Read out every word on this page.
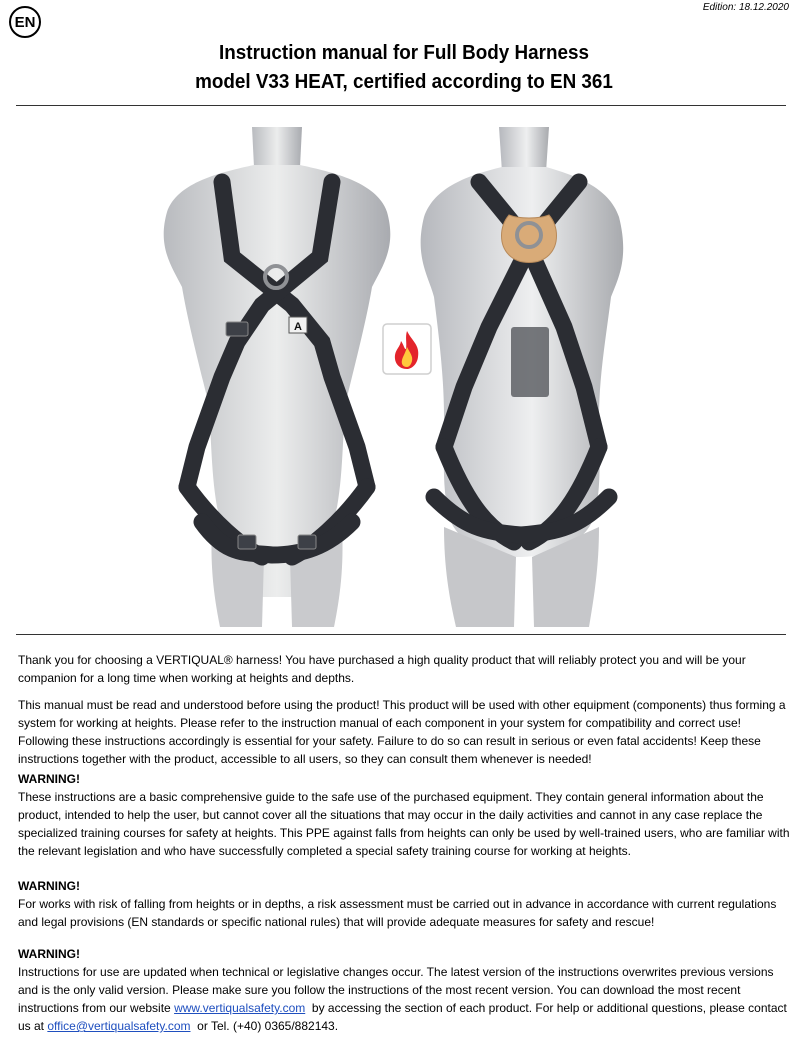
EN
Edition: 18.12.2020
Instruction manual for Full Body Harness
model V33 HEAT, certified according to EN 361
A

Thank you for choosing a VERTIQUAL® harness! You have purchased a high quality product that will reliably protect you and will be your companion for a long time when working at heights and depths.

This manual must be read and understood before using the product! This product will be used with other equipment (components) thus forming a system for working at heights. Please refer to the instruction manual of each component in your system for compatibility and correct use! Following these instructions accordingly is essential for your safety. Failure to do so can result in serious or even fatal accidents! Keep these instructions together with the product, accessible to all users, so they can consult them whenever is needed!

WARNING!

These instructions are a basic comprehensive guide to the safe use of the purchased equipment. They contain general information about the product, intended to help the user, but cannot cover all the situations that may occur in the daily activities and cannot in any case replace the specialized training courses for safety at heights. This PPE against falls from heights can only be used by well-trained users, who are familiar with the relevant legislation and who have successfully completed a special safety training course for working at heights.

WARNING!

For works with risk of falling from heights or in depths, a risk assessment must be carried out in advance in accordance with current regulations and legal provisions (EN standards or specific national rules) that will provide adequate measures for safety and rescue!

WARNING!

Instructions for use are updated when technical or legislative changes occur. The latest version of the instructions overwrites previous versions and is the only valid version. Please make sure you follow the instructions of the most recent version. You can download the most recent instructions from our website www.vertiqualsafety.com by accessing the section of each product. For help or additional questions, please contact us at office@vertiqualsafety.com or Tel. (+40) 0365/882143.
